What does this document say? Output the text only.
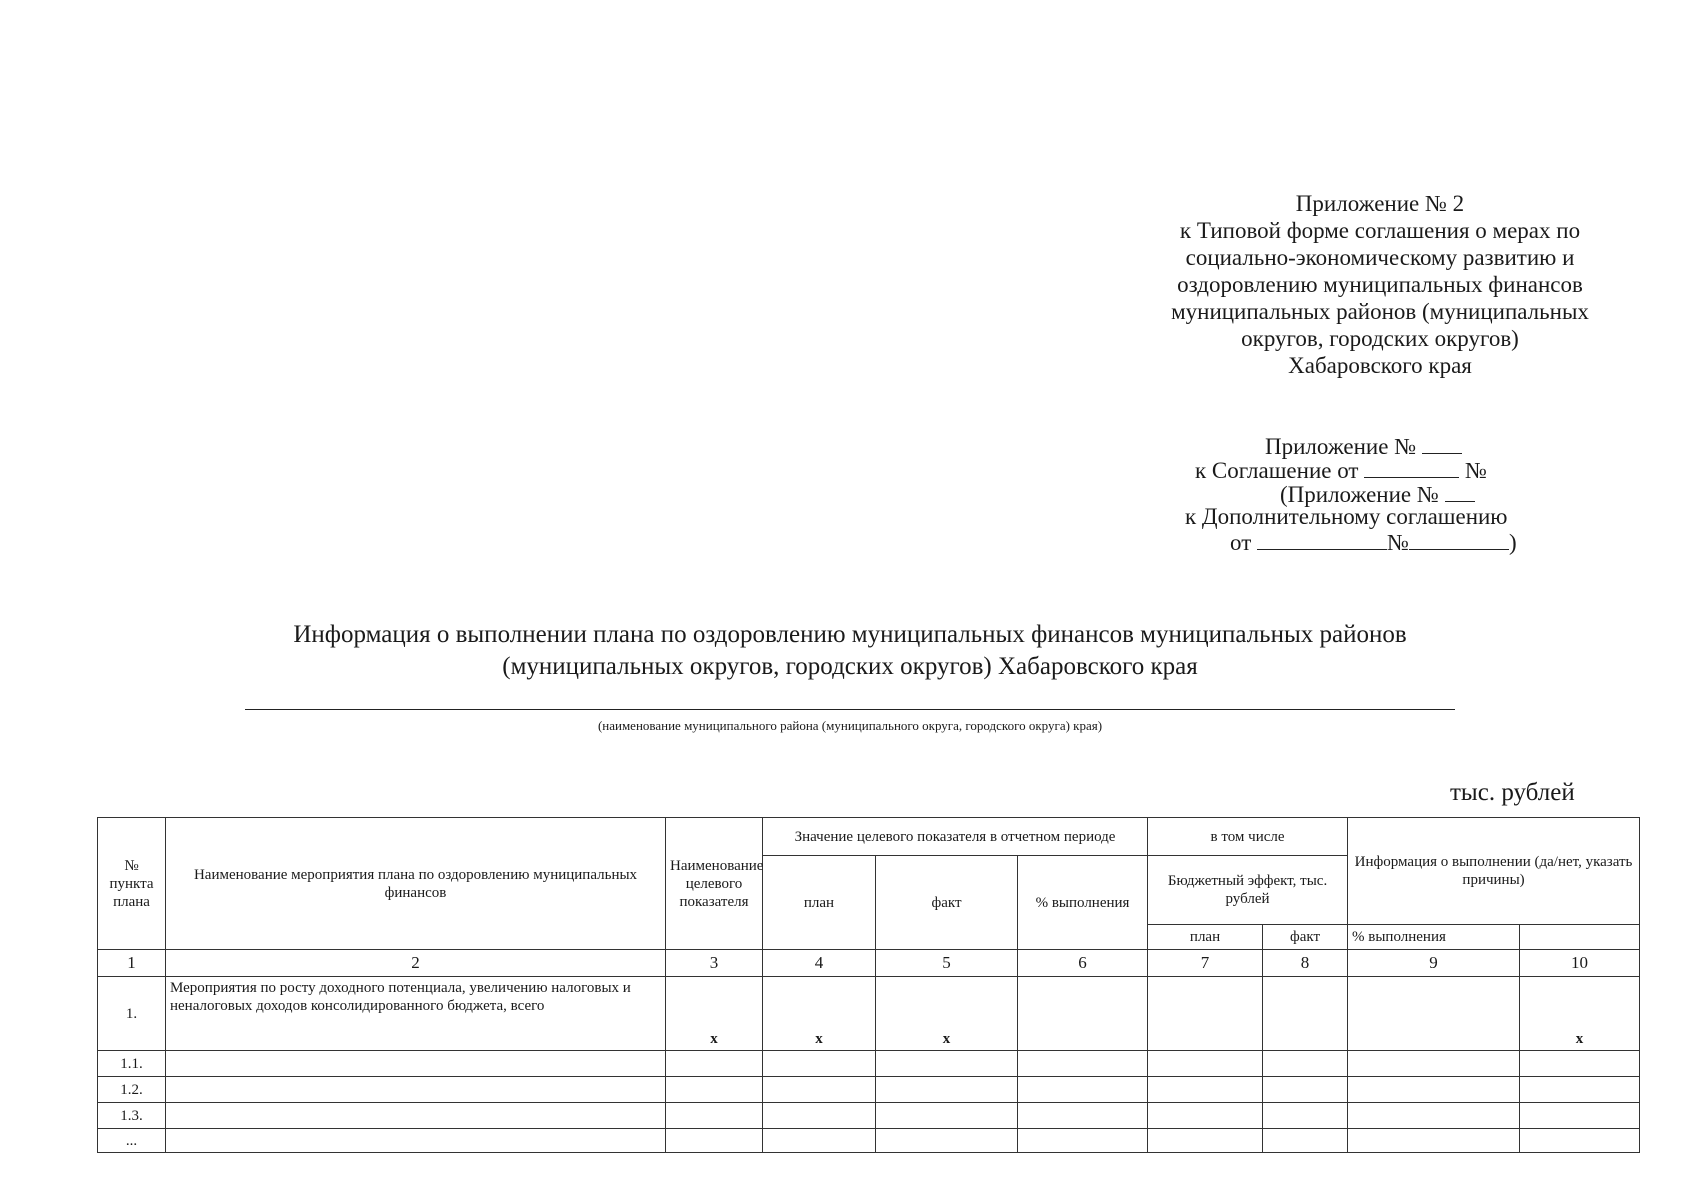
Приложение № 2
к Типовой форме соглашения о мерах по
социально-экономическому развитию и
оздоровлению муниципальных финансов
муниципальных районов (муниципальных
округов, городских округов)
Хабаровского края
Приложение №
к Соглашение от	№
(Приложение №
к Дополнительному соглашению
от	№	)
Информация о выполнении плана по оздоровлению муниципальных финансов муниципальных районов
(муниципальных округов, городских округов) Хабаровского края
(наименование муниципального района (муниципального округа, городского округа) края)
тыс. рублей
№ пункта плана	Наименование мероприятия плана по оздоровлению муниципальных финансов	Наименование целевого показателя	Значение целевого показателя в отчетном периоде			в том числе		Информация о выполнении (да/нет, указать причины)	
			план	факт	% выполнения	Бюджетный эффект, тыс. рублей			
						план	факт	% выполнения	
1	2	3	4	5	6	7	8	9	10
1.	Мероприятия по росту доходного потенциала, увеличению налоговых и неналоговых доходов консолидированного бюджета, всего	x	x	x					x
1.1.									
1.2.									
1.3.									
...									
